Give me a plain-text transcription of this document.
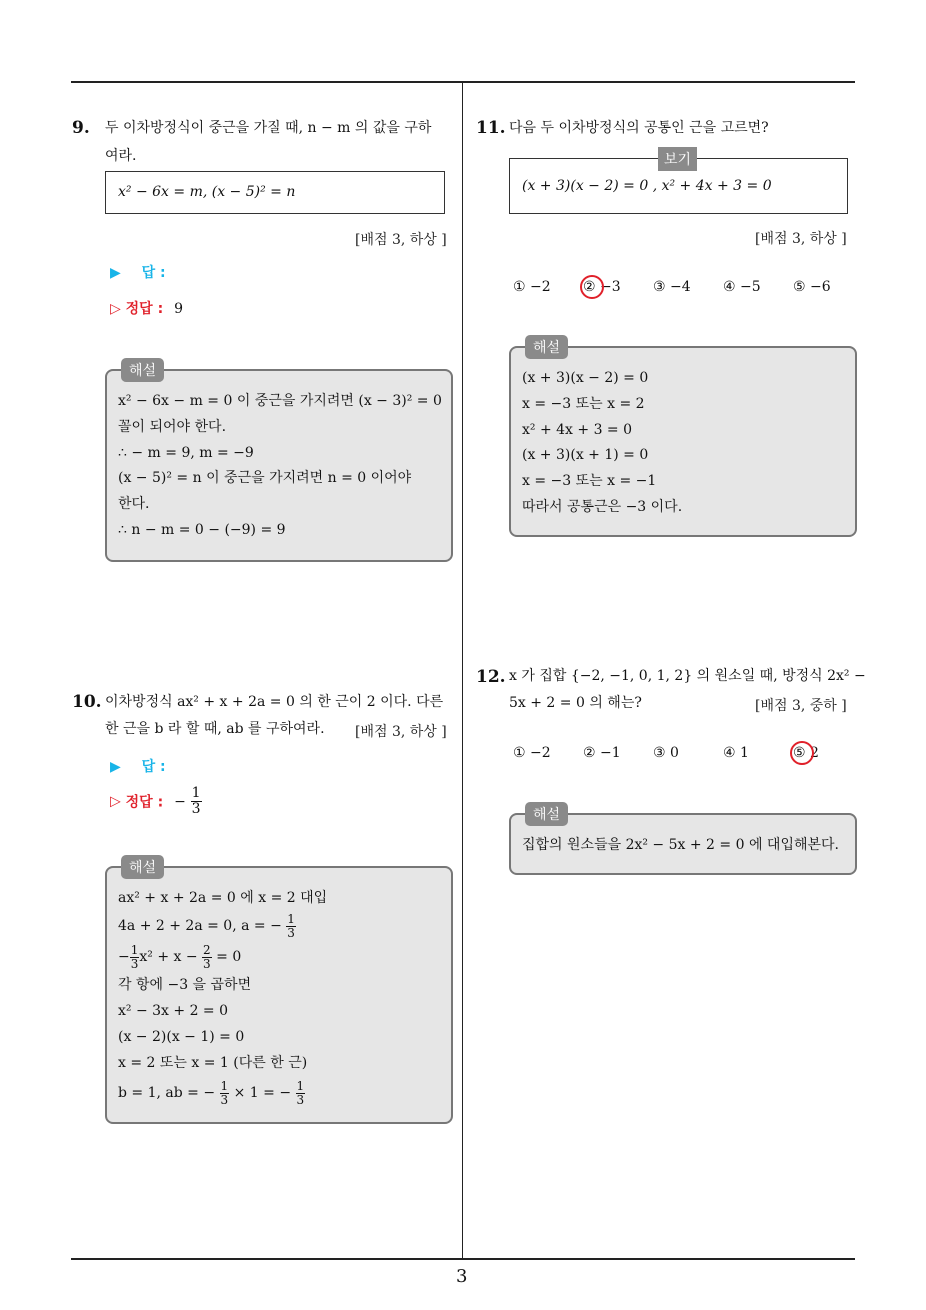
3
9. 두 이차방정식이 중근을 가질 때, n − m 의 값을 구하
여라.
x² − 6x = m, (x − 5)² = n
[배점 3, 하상 ]
▶ 답 :
▷ 정답 : 9
해설
x² − 6x − m = 0 이 중근을 가지려면 (x − 3)² = 0
꼴이 되어야 한다.
∴ − m = 9, m = −9
(x − 5)² = n 이 중근을 가지려면 n = 0 이어야
한다.
∴ n − m = 0 − (−9) = 9
10. 이차방정식 ax² + x + 2a = 0 의 한 근이 2 이다. 다른
한 근을 b 라 할 때, ab 를 구하여라. [배점 3, 하상 ]
▶ 답 :
▷ 정답 : − $\frac{1}{3}$
해설
ax² + x + 2a = 0 에 x = 2 대입
4a + 2 + 2a = 0, a = − $\frac{1}{3}$
− $\frac{1}{3} x^2 + x - \frac{2}{3} = 0$
각 항에 −3 을 곱하면
x² − 3x + 2 = 0
(x − 2)(x − 1) = 0
x = 2 또는 x = 1 (다른 한 근)
b = 1, ab = − $\frac{1}{3} \times 1$ = − $\frac{1}{3}$
11. 다음 두 이차방정식의 공통인 근을 고르면?
보기
(x + 3)(x − 2) = 0 , x² + 4x + 3 = 0
[배점 3, 하상 ]
① −2 ② −3 ③ −4 ④ −5 ⑤ −6
해설
(x + 3)(x − 2) = 0
x = −3 또는 x = 2
x² + 4x + 3 = 0
(x + 3)(x + 1) = 0
x = −3 또는 x = −1
따라서 공통근은 −3 이다.
12. x 가 집합 {−2, −1, 0, 1, 2} 의 원소일 때, 방정식 2x² −
5x + 2 = 0 의 해는?	[배점 3, 중하 ]
① −2 ② −1 ③ 0	④ 1	⑤ 2
해설
집합의 원소들을 2x² − 5x + 2 = 0 에 대입해본다.
